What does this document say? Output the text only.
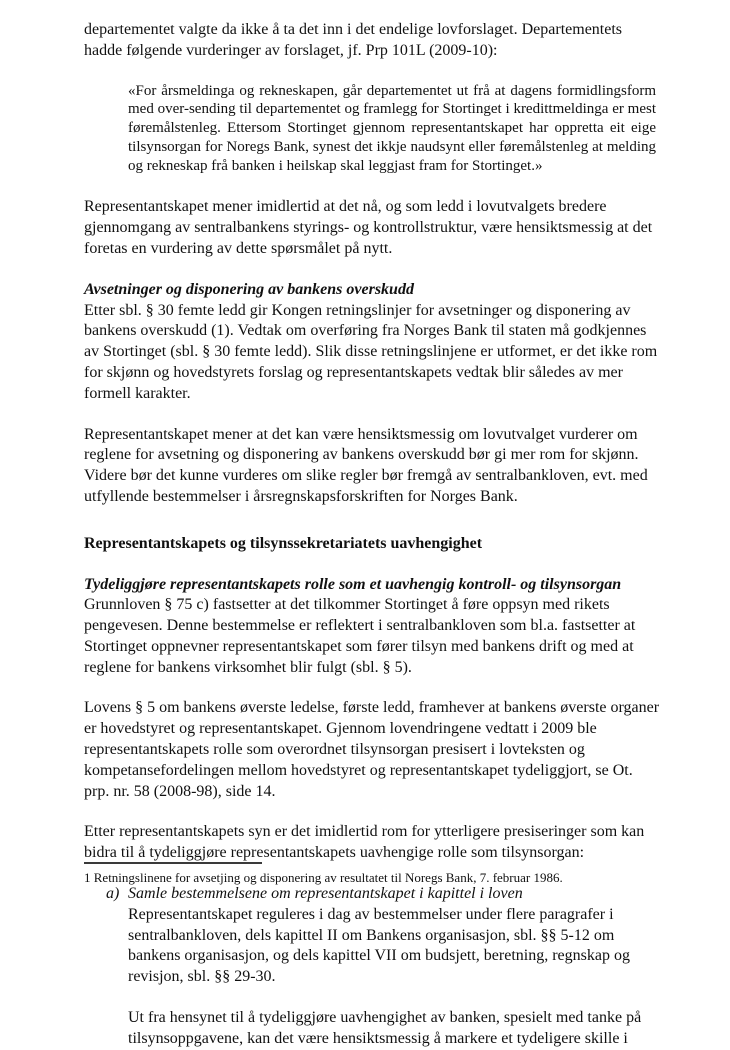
departementet valgte da ikke å ta det inn i det endelige lovforslaget. Departementets hadde følgende vurderinger av forslaget, jf. Prp 101L (2009-10):

«For årsmeldinga og rekneskapen, går departementet ut frå at dagens formidlingsform med over-sending til departementet og framlegg for Stortinget i kredittmeldinga er mest føremålstenleg. Ettersom Stortinget gjennom representantskapet har oppretta eit eige tilsynsorgan for Noregs Bank, synest det ikkje naudsynt eller føremålstenleg at melding og rekneskap frå banken i heilskap skal leggjast fram for Stortinget.»

Representantskapet mener imidlertid at det nå, og som ledd i lovutvalgets bredere gjennomgang av sentralbankens styrings- og kontrollstruktur, være hensiktsmessig at det foretas en vurdering av dette spørsmålet på nytt.

Avsetninger og disponering av bankens overskudd

Etter sbl. § 30 femte ledd gir Kongen retningslinjer for avsetninger og disponering av bankens overskudd (1). Vedtak om overføring fra Norges Bank til staten må godkjennes av Stortinget (sbl. § 30 femte ledd). Slik disse retningslinjene er utformet, er det ikke rom for skjønn og hovedstyrets forslag og representantskapets vedtak blir således av mer formell karakter.

Representantskapet mener at det kan være hensiktsmessig om lovutvalget vurderer om reglene for avsetning og disponering av bankens overskudd bør gi mer rom for skjønn. Videre bør det kunne vurderes om slike regler bør fremgå av sentralbankloven, evt. med utfyllende bestemmelser i årsregnskapsforskriften for Norges Bank.

Representantskapets og tilsynssekretariatets uavhengighet
Tydeliggjøre representantskapets rolle som et uavhengig kontroll- og tilsynsorgan

Grunnloven § 75 c) fastsetter at det tilkommer Stortinget å føre oppsyn med rikets pengevesen. Denne bestemmelse er reflektert i sentralbankloven som bl.a. fastsetter at Stortinget oppnevner representantskapet som fører tilsyn med bankens drift og med at reglene for bankens virksomhet blir fulgt (sbl. § 5).

Lovens § 5 om bankens øverste ledelse, første ledd, framhever at bankens øverste organer er hovedstyret og representantskapet. Gjennom lovendringene vedtatt i 2009 ble representantskapets rolle som overordnet tilsynsorgan presisert i lovteksten og kompetansefordelingen mellom hovedstyret og representantskapet tydeliggjort, se Ot. prp. nr. 58 (2008-98), side 14.

Etter representantskapets syn er det imidlertid rom for ytterligere presiseringer som kan bidra til å tydeliggjøre representantskapets uavhengige rolle som tilsynsorgan:

a) Samle bestemmelsene om representantskapet i kapittel i loven

Representantskapet reguleres i dag av bestemmelser under flere paragrafer i sentralbankloven, dels kapittel II om Bankens organisasjon, sbl. §§ 5-12 om bankens organisasjon, og dels kapittel VII om budsjett, beretning, regnskap og revisjon, sbl. §§ 29-30.

Ut fra hensynet til å tydeliggjøre uavhengighet av banken, spesielt med tanke på tilsynsoppgavene, kan det være hensiktsmessig å markere et tydeligere skille i

1 Retningslinene for avsetjing og disponering av resultatet til Noregs Bank, 7. februar 1986.
